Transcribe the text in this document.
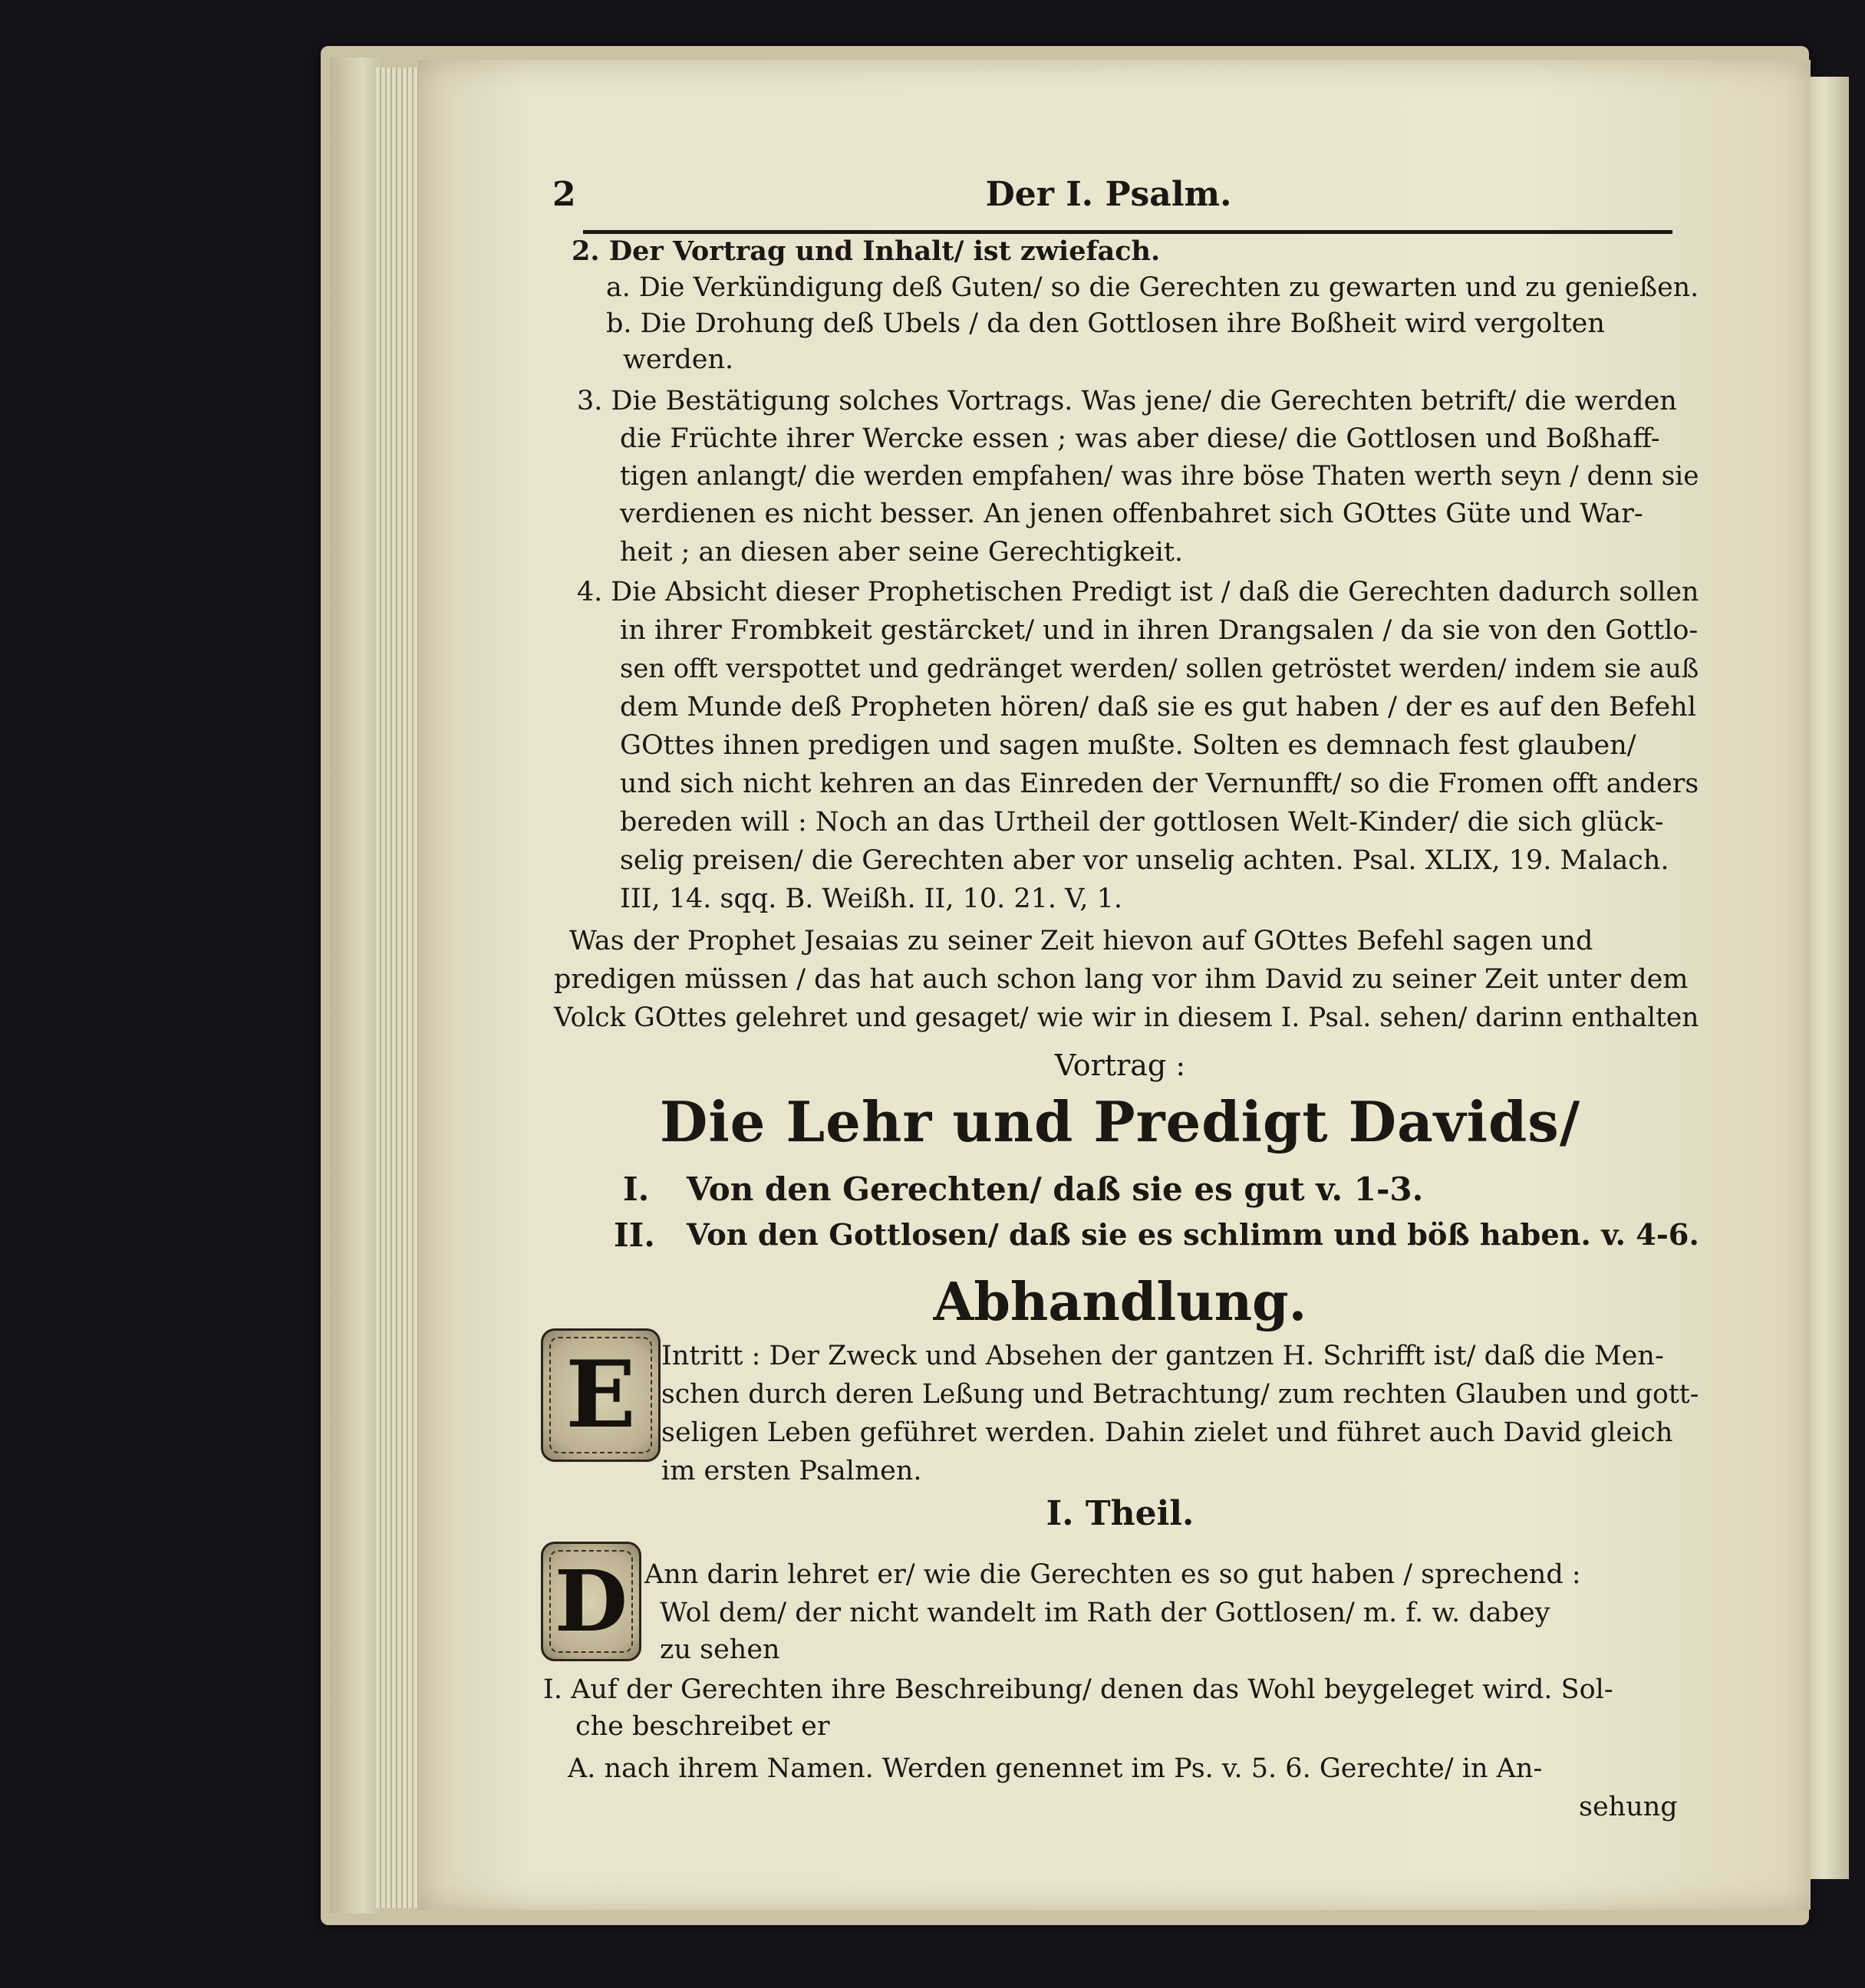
2	Der I. Psalm.
2. Der Vortrag und Inhalt/ ist zwiefach.
a. Die Verkündigung deß Guten/ so die Gerechten zu gewarten und zu genießen.
b. Die Drohung deß Ubels / da den Gottlosen ihre Boßheit wird vergolten
werden.
3. Die Bestätigung solches Vortrags. Was jene/ die Gerechten betrift/ die werden
die Früchte ihrer Wercke essen ; was aber diese/ die Gottlosen und Boßhaff-
tigen anlangt/ die werden empfahen/ was ihre böse Thaten werth seyn / denn sie
verdienen es nicht besser. An jenen offenbahret sich GOttes Güte und War-
heit ; an diesen aber seine Gerechtigkeit.
4. Die Absicht dieser Prophetischen Predigt ist / daß die Gerechten dadurch sollen
in ihrer Frombkeit gestärcket/ und in ihren Drangsalen / da sie von den Gottlo-
sen offt verspottet und gedränget werden/ sollen getröstet werden/ indem sie auß
dem Munde deß Propheten hören/ daß sie es gut haben / der es auf den Befehl
GOttes ihnen predigen und sagen mußte. Solten es demnach fest glauben/
und sich nicht kehren an das Einreden der Vernunfft/ so die Fromen offt anders
bereden will : Noch an das Urtheil der gottlosen Welt-Kinder/ die sich glück-
selig preisen/ die Gerechten aber vor unselig achten. Psal. XLIX, 19. Malach.
III, 14. sqq. B. Weißh. II, 10. 21. V, 1.
Was der Prophet Jesaias zu seiner Zeit hievon auf GOttes Befehl sagen und
predigen müssen / das hat auch schon lang vor ihm David zu seiner Zeit unter dem
Volck GOttes gelehret und gesaget/ wie wir in diesem I. Psal. sehen/ darinn enthalten
Vortrag :
Die Lehr und Predigt Davids/
I. Von den Gerechten/ daß sie es gut v. 1-3.
II. Von den Gottlosen/ daß sie es schlimm und böß haben. v. 4-6.
Abhandlung.
E Intritt : Der Zweck und Absehen der gantzen H. Schrifft ist/ daß die Men-
schen durch deren Leßung und Betrachtung/ zum rechten Glauben und gott-
seligen Leben geführet werden. Dahin zielet und führet auch David gleich
im ersten Psalmen.
I. Theil.
D Ann darin lehret er/ wie die Gerechten es so gut haben / sprechend :
Wol dem/ der nicht wandelt im Rath der Gottlosen/ m. f. w. dabey
zu sehen
I. Auf der Gerechten ihre Beschreibung/ denen das Wohl beygeleget wird. Sol-
che beschreibet er
A. nach ihrem Namen. Werden genennet im Ps. v. 5. 6. Gerechte/ in An-
sehung
